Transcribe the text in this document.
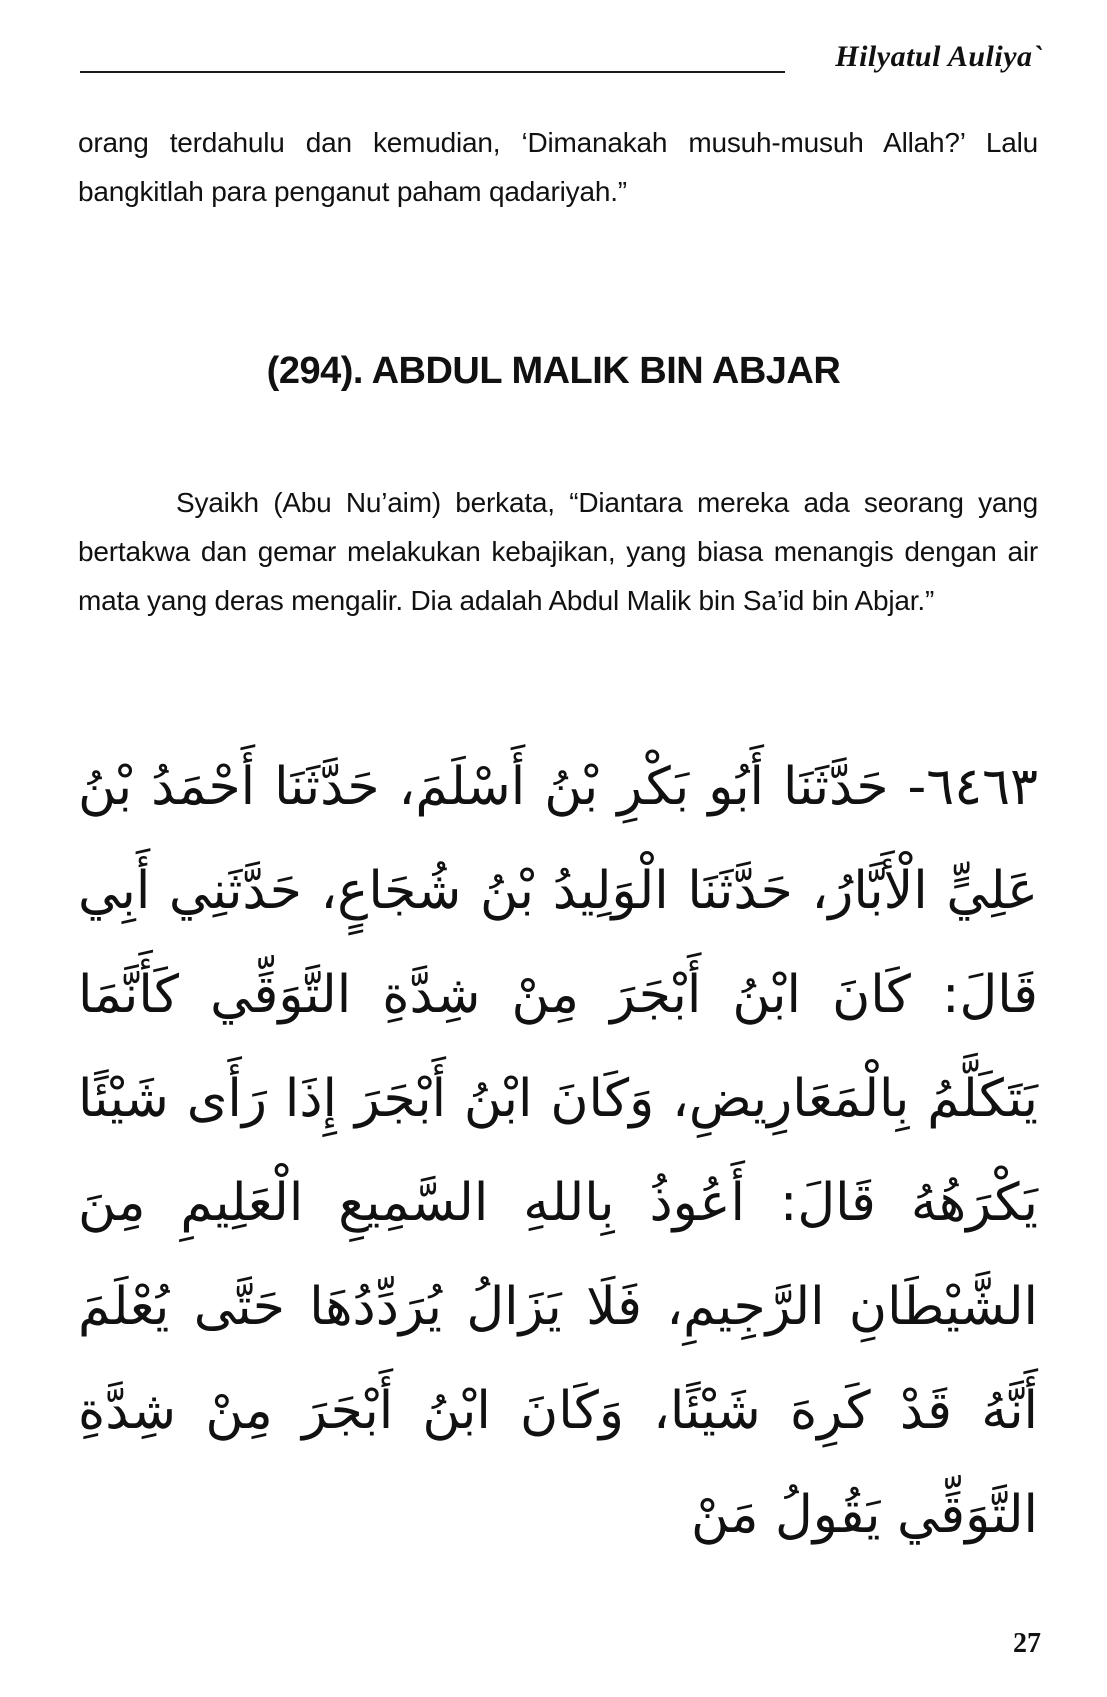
Hilyatul Auliya`

orang terdahulu dan kemudian, ‘Dimanakah musuh-musuh Allah?’ Lalu bangkitlah para penganut paham qadariyah.”

(294). ABDUL MALIK BIN ABJAR

Syaikh (Abu Nu’aim) berkata, “Diantara mereka ada seorang yang bertakwa dan gemar melakukan kebajikan, yang biasa menangis dengan air mata yang deras mengalir. Dia adalah Abdul Malik bin Sa’id bin Abjar.”

٦٤٦٣- حَدَّثَنَا أَبُو بَكْرِ بْنُ أَسْلَمَ، حَدَّثَنَا أَحْمَدُ بْنُ عَلِيٍّ الْأَبَّارُ، حَدَّثَنَا الْوَلِيدُ بْنُ شُجَاعٍ، حَدَّثَنِي أَبِي قَالَ: كَانَ ابْنُ أَبْجَرَ مِنْ شِدَّةِ التَّوَقِّي كَأَنَّمَا يَتَكَلَّمُ بِالْمَعَارِيضِ، وَكَانَ ابْنُ أَبْجَرَ إِذَا رَأَى شَيْئًا يَكْرَهُهُ قَالَ: أَعُوذُ بِاللهِ السَّمِيعِ الْعَلِيمِ مِنَ الشَّيْطَانِ الرَّجِيمِ، فَلَا يَزَالُ يُرَدِّدُهَا حَتَّى يُعْلَمَ أَنَّهُ قَدْ كَرِهَ شَيْئًا، وَكَانَ ابْنُ أَبْجَرَ مِنْ شِدَّةِ التَّوَقِّي يَقُولُ مَنْ

27
